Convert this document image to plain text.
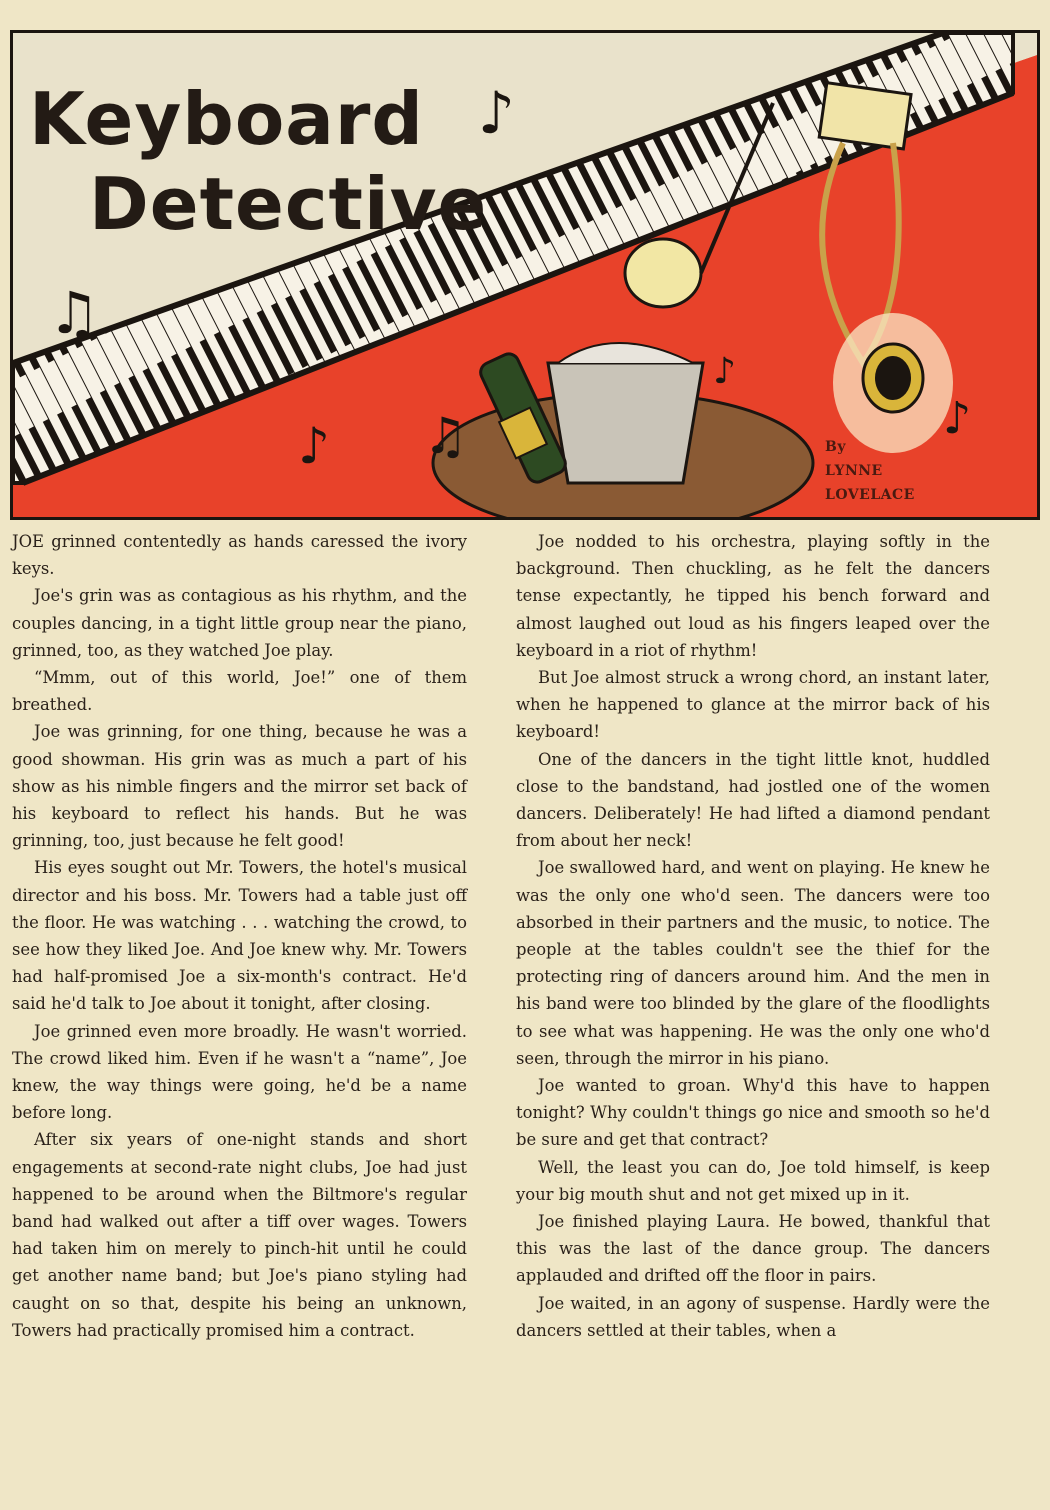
♪
♫
♪ ♫
♪
♪
Keyboard
Detective
By
LYNNE
LOVELACE

JOE grinned contentedly as hands caressed the ivory keys.

Joe's grin was as contagious as his rhythm, and the couples dancing, in a tight little group near the piano, grinned, too, as they watched Joe play.

“Mmm, out of this world, Joe!” one of them breathed.

Joe was grinning, for one thing, because he was a good showman. His grin was as much a part of his show as his nimble fingers and the mirror set back of his keyboard to reflect his hands. But he was grinning, too, just because he felt good!

His eyes sought out Mr. Towers, the hotel's musical director and his boss. Mr. Towers had a table just off the floor. He was watching . . . watching the crowd, to see how they liked Joe. And Joe knew why. Mr. Towers had half-promised Joe a six-month's contract. He'd said he'd talk to Joe about it tonight, after closing.

Joe grinned even more broadly. He wasn't worried. The crowd liked him. Even if he wasn't a “name”, Joe knew, the way things were going, he'd be a name before long.

After six years of one-night stands and short engagements at second-rate night clubs, Joe had just happened to be around when the Biltmore's regular band had walked out after a tiff over wages. Towers had taken him on merely to pinch-hit until he could get another name band; but Joe's piano styling had caught on so that, despite his being an unknown, Towers had practically promised him a contract.

Joe nodded to his orchestra, playing softly in the background. Then chuckling, as he felt the dancers tense expectantly, he tipped his bench forward and almost laughed out loud as his fingers leaped over the keyboard in a riot of rhythm!

But Joe almost struck a wrong chord, an instant later, when he happened to glance at the mirror back of his keyboard!

One of the dancers in the tight little knot, huddled close to the bandstand, had jostled one of the women dancers. Deliberately! He had lifted a diamond pendant from about her neck!

Joe swallowed hard, and went on playing. He knew he was the only one who'd seen. The dancers were too absorbed in their partners and the music, to notice. The people at the tables couldn't see the thief for the protecting ring of dancers around him. And the men in his band were too blinded by the glare of the floodlights to see what was happening. He was the only one who'd seen, through the mirror in his piano.

Joe wanted to groan. Why'd this have to happen tonight? Why couldn't things go nice and smooth so he'd be sure and get that contract?

Well, the least you can do, Joe told himself, is keep your big mouth shut and not get mixed up in it.

Joe finished playing Laura. He bowed, thankful that this was the last of the dance group. The dancers applauded and drifted off the floor in pairs.

Joe waited, in an agony of suspense. Hardly were the dancers settled at their tables, when a
